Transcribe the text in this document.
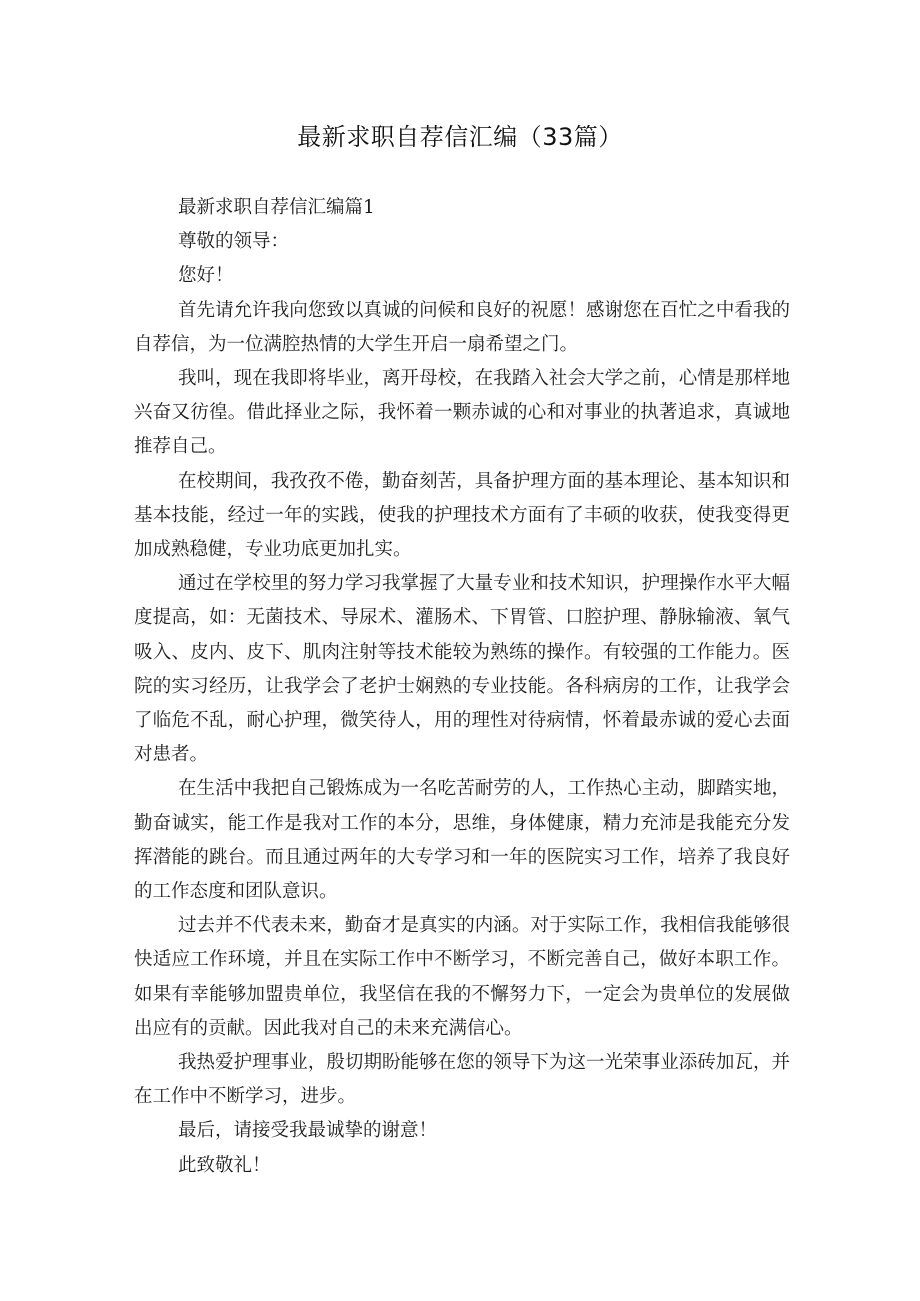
最新求职自荐信汇编（33篇）

最新求职自荐信汇编篇1

尊敬的领导：

您好！

首先请允许我向您致以真诚的问候和良好的祝愿！感谢您在百忙之中看我的自荐信，为一位满腔热情的大学生开启一扇希望之门。

我叫，现在我即将毕业，离开母校，在我踏入社会大学之前，心情是那样地兴奋又彷徨。借此择业之际，我怀着一颗赤诚的心和对事业的执著追求，真诚地推荐自己。

在校期间，我孜孜不倦，勤奋刻苦，具备护理方面的基本理论、基本知识和基本技能，经过一年的实践，使我的护理技术方面有了丰硕的收获，使我变得更加成熟稳健，专业功底更加扎实。

通过在学校里的努力学习我掌握了大量专业和技术知识，护理操作水平大幅度提高，如：无菌技术、导尿术、灌肠术、下胃管、口腔护理、静脉输液、氧气吸入、皮内、皮下、肌肉注射等技术能较为熟练的操作。有较强的工作能力。医院的实习经历，让我学会了老护士娴熟的专业技能。各科病房的工作，让我学会了临危不乱，耐心护理，微笑待人，用的理性对待病情，怀着最赤诚的爱心去面对患者。

在生活中我把自己锻炼成为一名吃苦耐劳的人，工作热心主动，脚踏实地，勤奋诚实，能工作是我对工作的本分，思维，身体健康，精力充沛是我能充分发挥潜能的跳台。而且通过两年的大专学习和一年的医院实习工作，培养了我良好的工作态度和团队意识。

过去并不代表未来，勤奋才是真实的内涵。对于实际工作，我相信我能够很快适应工作环境，并且在实际工作中不断学习，不断完善自己，做好本职工作。如果有幸能够加盟贵单位，我坚信在我的不懈努力下，一定会为贵单位的发展做出应有的贡献。因此我对自己的未来充满信心。

我热爱护理事业，殷切期盼能够在您的领导下为这一光荣事业添砖加瓦，并在工作中不断学习，进步。

最后，请接受我最诚挚的谢意！

此致敬礼！
